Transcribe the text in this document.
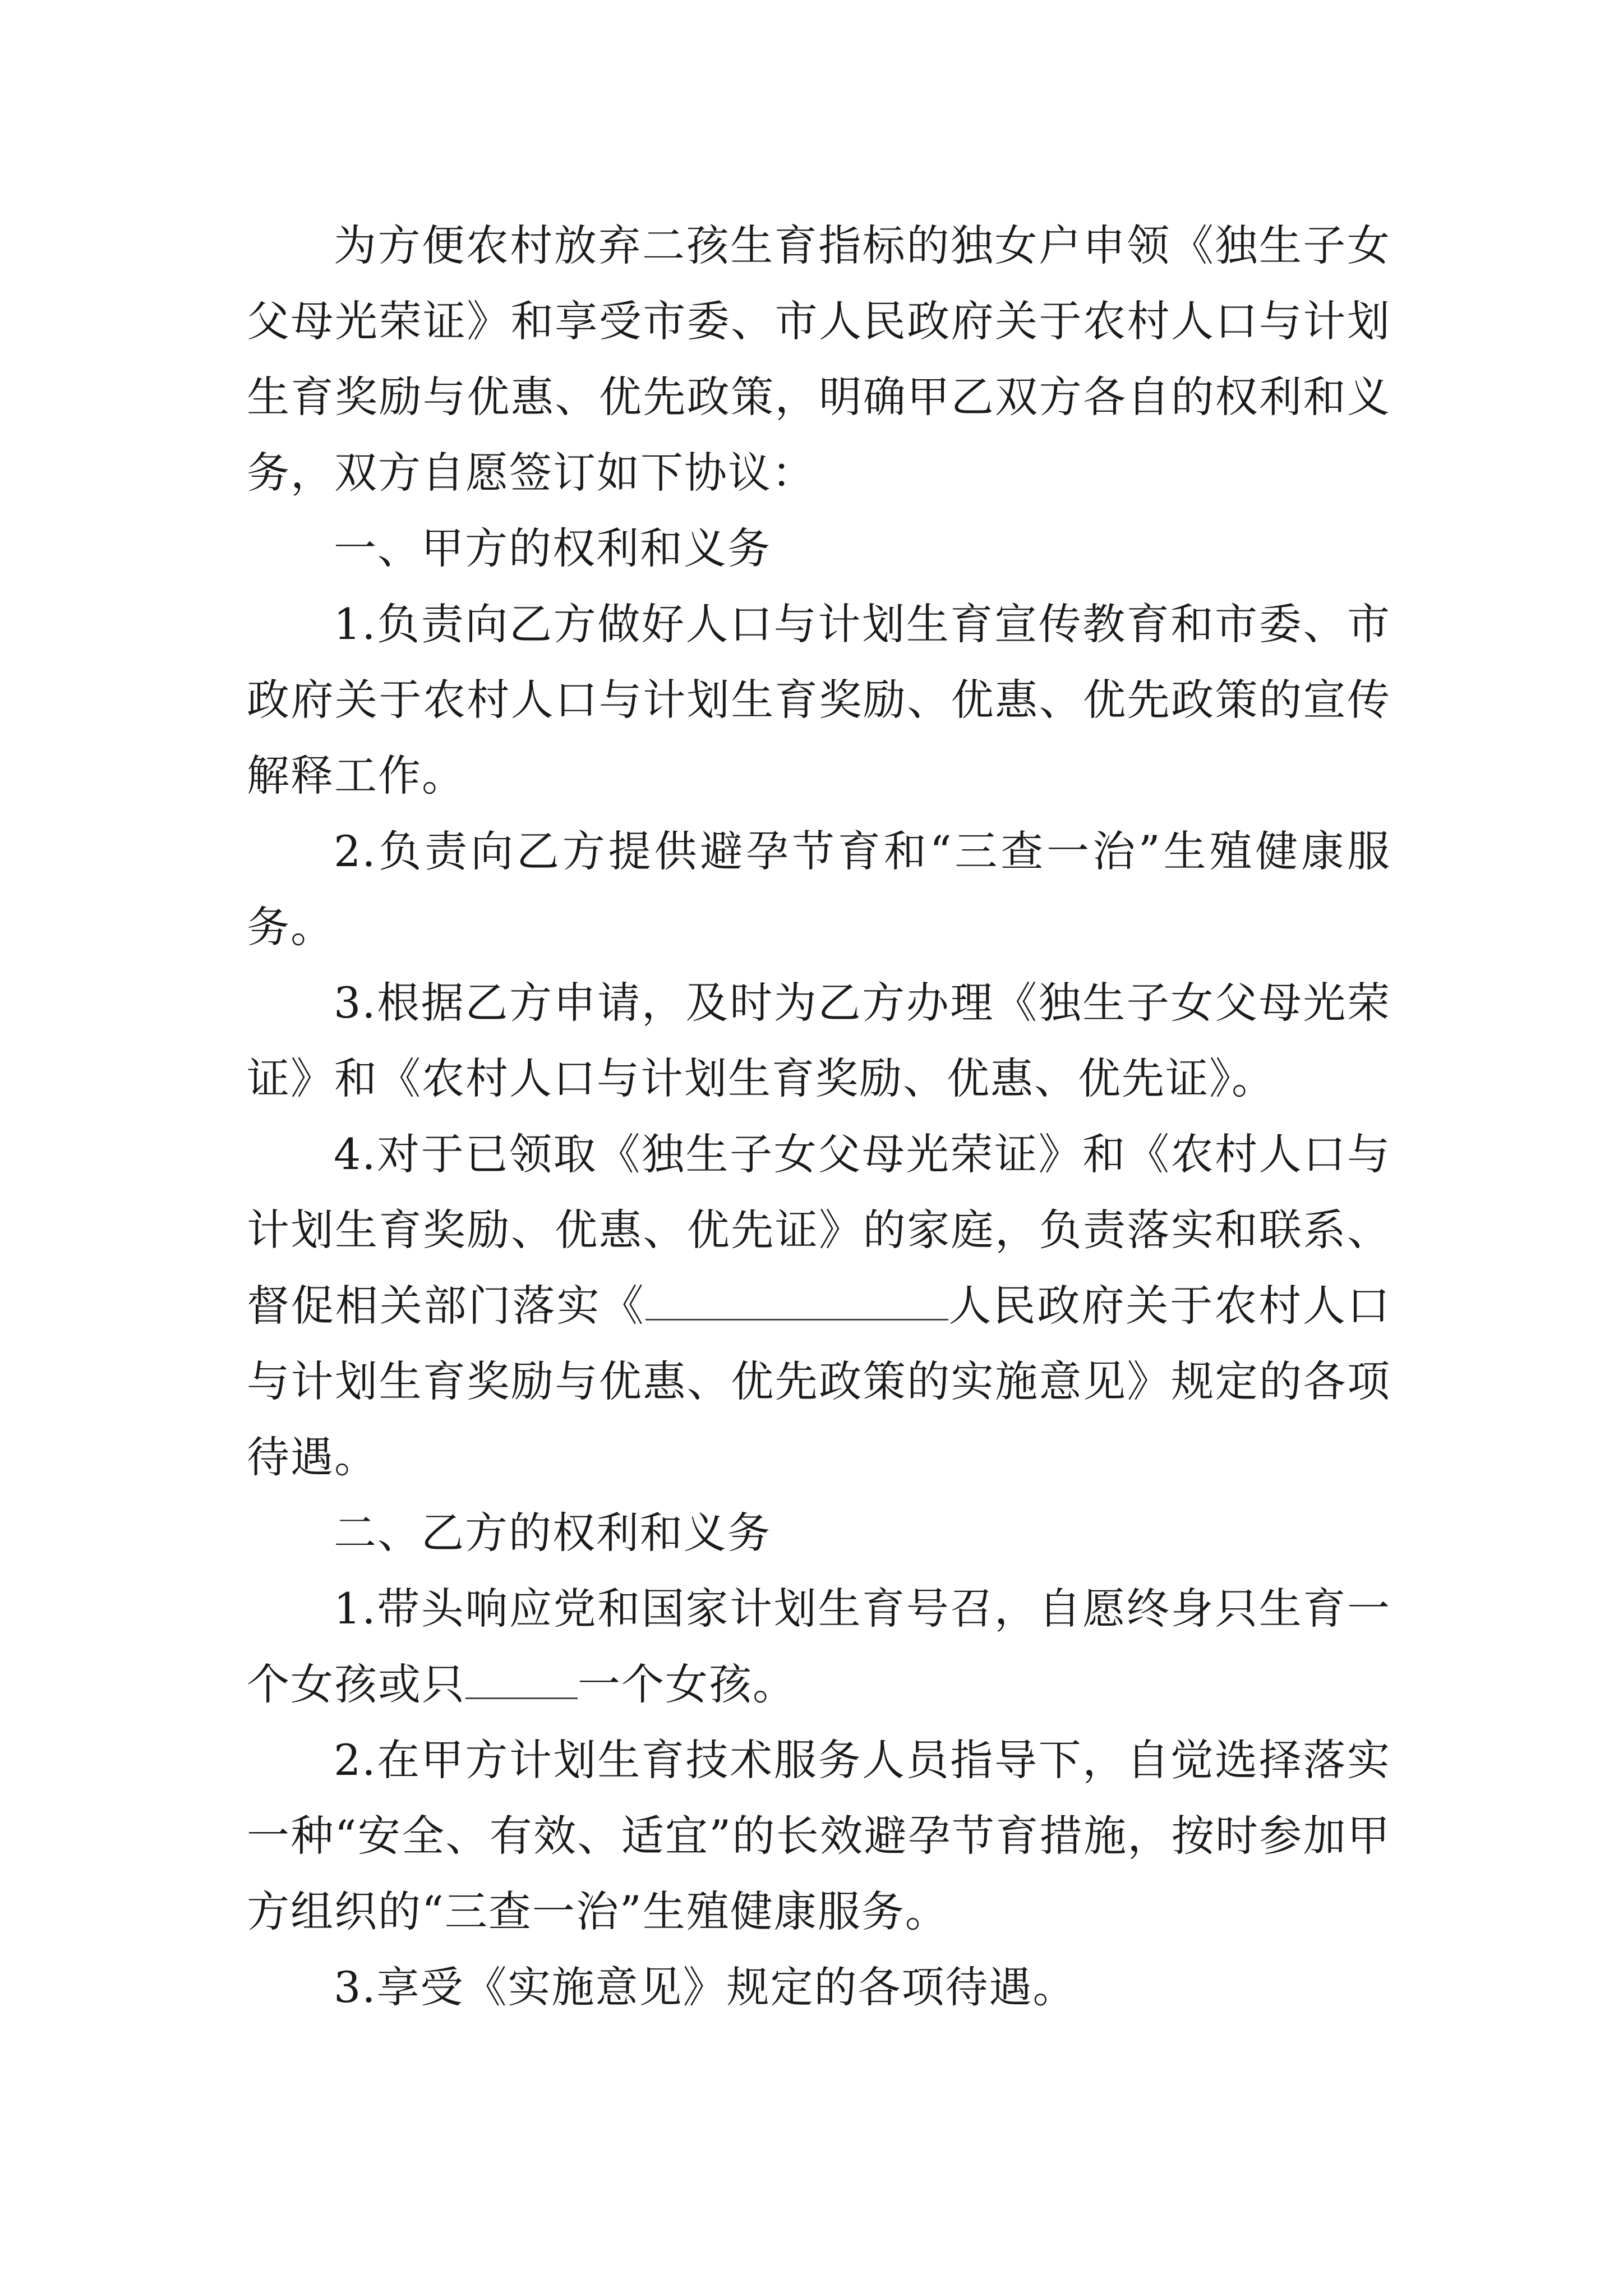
为方便农村放弃二孩生育指标的独女户申领《独生子女父母光荣证》和享受市委、市人民政府关于农村人口与计划生育奖励与优惠、优先政策，明确甲乙双方各自的权利和义务，双方自愿签订如下协议：

一、甲方的权利和义务

1.负责向乙方做好人口与计划生育宣传教育和市委、市政府关于农村人口与计划生育奖励、优惠、优先政策的宣传解释工作。

2.负责向乙方提供避孕节育和“三查一治”生殖健康服务。

3.根据乙方申请，及时为乙方办理《独生子女父母光荣证》和《农村人口与计划生育奖励、优惠、优先证》。

4.对于已领取《独生子女父母光荣证》和《农村人口与计划生育奖励、优惠、优先证》的家庭，负责落实和联系、督促相关部门落实《	人民政府关于农村人口与计划生育奖励与优惠、优先政策的实施意见》规定的各项待遇。

二、乙方的权利和义务

1.带头响应党和国家计划生育号召，自愿终身只生育一个女孩或只	一个女孩。

2.在甲方计划生育技术服务人员指导下，自觉选择落实一种“安全、有效、适宜”的长效避孕节育措施，按时参加甲方组织的“三查一治”生殖健康服务。

3.享受《实施意见》规定的各项待遇。
